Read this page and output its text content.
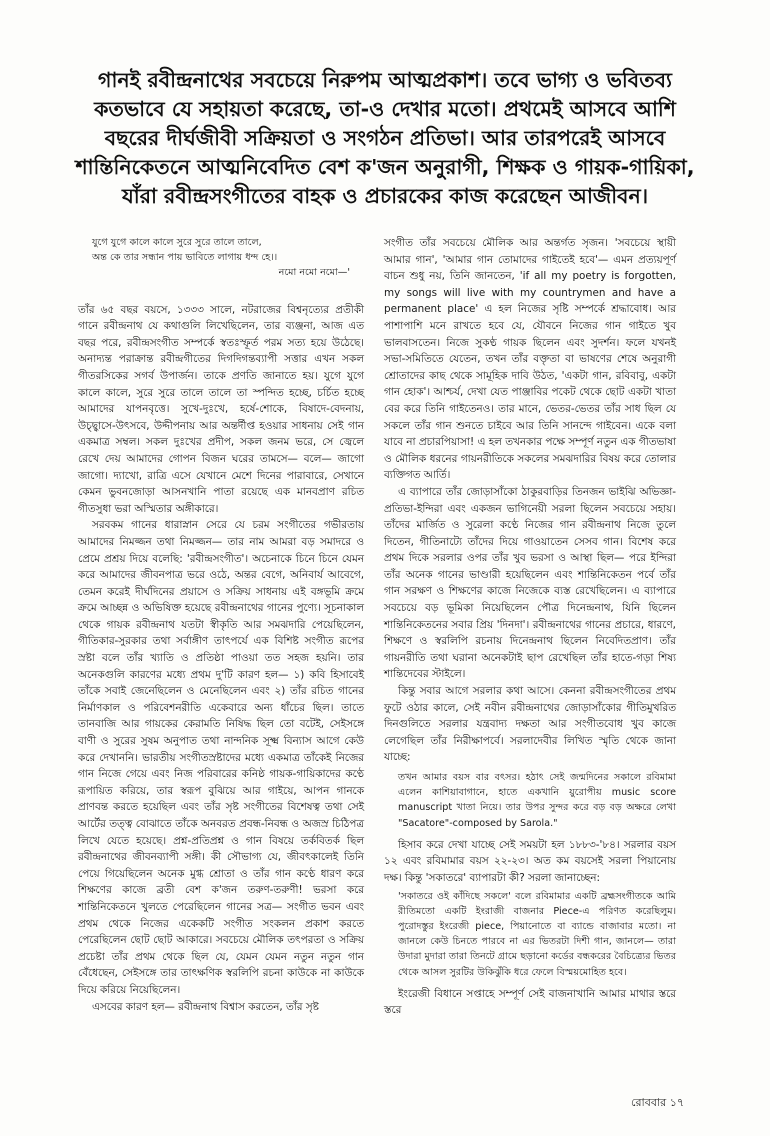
গানই রবীন্দ্রনাথের সবচেয়ে নিরুপম আত্মপ্রকাশ। তবে ভাগ্য ও ভবিতব্য

কতভাবে যে সহায়তা করেছে, তা-ও দেখার মতো। প্রথমেই আসবে আশি

বছরের দীর্ঘজীবী সক্রিয়তা ও সংগঠন প্রতিভা। আর তারপরেই আসবে

শান্তিনিকেতনে আত্মনিবেদিত বেশ ক'জন অনুরাগী, শিক্ষক ও গায়ক-গায়িকা,

যাঁরা রবীন্দ্রসংগীতের বাহক ও প্রচারকের কাজ করেছেন আজীবন।

যুগে যুগে কালে কালে সুরে সুরে তালে তালে,

অন্ত কে তার সন্ধান পায় ভাবিতে লাগায় ধন্দ হে।।

নমো নমো নমো—'

তাঁর ৬৫ বছর বয়সে, ১৩৩৩ সালে, নটরাজের বিশ্বনৃত্যের প্রতীকী গানে রবীন্দ্রনাথ যে কথাগুলি লিখেছিলেন, তার ব্যঞ্জনা, আজ এত বছর পরে, রবীন্দ্রসংগীত সম্পর্কে স্বতঃস্ফূর্ত পরম সত্য হয়ে উঠেছে। অনাদ্যন্ত পরাক্রান্ত রবীন্দ্রগীতের দিগদিগন্তব্যাপী সত্তার এখন সকল গীতরসিকের সগর্ব উপার্জন। তাকে প্রণতি জানাতে হয়। যুগে যুগে কালে কালে, সুরে সুরে তালে তালে তা স্পন্দিত হচ্ছে, চর্চিত হচ্ছে আমাদের যাপনবৃত্তে। সুখে-দুঃখে, হর্ষে-শোকে, বিষাদে-বেদনায়, উচ্ছ্বাসে-উৎসবে, উদ্দীপনায় আর অন্তর্দীপ্ত হওয়ার সাধনায় সেই গান একমাত্র সম্বল। সকল দুঃখের প্রদীপ, সকল জনম ভরে, সে জ্বেলে রেখে দেয় আমাদের গোপন বিজন ঘরের তামসে— বলে— জাগো জাগো। দ্যাখো, রাত্রি এসে যেখানে মেশে দিনের পারাবারে, সেখানে কেমন ভুবনজোড়া আসনখানি পাতা রয়েছে এক মানবপ্রাণ রচিত গীতসুধা ভরা অস্মিতার অঙ্গীকারে।

সরবকম গানের ধারাস্নান সেরে যে চরম সংগীতের গভীরতায় আমাদের নিমজ্জন তথা নিমজ্জন— তার নাম আমরা বড় সমাদরে ও প্রেমে প্রশ্রয় দিয়ে বলেছি: 'রবীন্দ্রসংগীত'। অচেনাকে চিনে চিনে যেমন করে আমাদের জীবনপাত্র ভরে ওঠে, অন্তর বেগে, অনিবার্য আবেগে, তেমন করেই দীর্ঘদিনের প্রয়াসে ও সক্রিয় সাধনায় এই বঙ্গভূমি ক্রমে ক্রমে আচ্ছন্ন ও অভিষিক্ত হয়েছে রবীন্দ্রনাথের গানের পুণ্যে। সূচনাকাল থেকে গায়ক রবীন্দ্রনাথ যতটা স্বীকৃতি আর সমঝদারি পেয়েছিলেন, গীতিকার-সুরকার তথা সর্বাঙ্গীণ তাৎপর্যে এক বিশিষ্ট সংগীত রূপের স্রষ্টা বলে তাঁর খ্যাতি ও প্রতিষ্ঠা পাওয়া তত সহজ হয়নি। তার অনেকগুলি কারণের মধ্যে প্রথম দু'টি কারণ হল— ১) কবি হিসাবেই তাঁকে সবাই জেনেছিলেন ও মেনেছিলেন এবং ২) তাঁর রচিত গানের নির্মাণকাল ও পরিবেশনরীতি একেবারে অন্য ধাঁচের ছিল। তাতে তানবাজি আর গায়কের কেরামতি নিষিদ্ধ ছিল তো বটেই, সেইসঙ্গে বাণী ও সুরের সুষম অনুপাত তথা নান্দনিক সূক্ষ্ম বিন্যাস আগে কেউ করে দেখাননি। ভারতীয় সংগীতস্রষ্টাদের মধ্যে একমাত্র তাঁকেই নিজের গান নিজে গেয়ে এবং নিজ পরিবারের কনিষ্ঠ গায়ক-গায়িকাদের কণ্ঠে রূপায়িত করিয়ে, তার স্বরূপ বুঝিয়ে আর গাইয়ে, আপন গানকে প্রাণবন্ত করতে হয়েছিল এবং তাঁর সৃষ্ট সংগীতের বিশেষত্ব তথা সেই আর্টের তত্ত্ব বোঝাতে তাঁকে অনবরত প্রবন্ধ-নিবন্ধ ও অজস্র চিঠিপত্র লিখে যেতে হয়েছে। প্রশ্ন-প্রতিপ্রশ্ন ও গান বিষয়ে তর্কবিতর্ক ছিল রবীন্দ্রনাথের জীবনব্যাপী সঙ্গী। কী সৌভাগ্য যে, জীবৎকালেই তিনি পেয়ে গিয়েছিলেন অনেক মুগ্ধ শ্রোতা ও তাঁর গান কণ্ঠে ধারণ করে শিক্ষণের কাজে ব্রতী বেশ ক'জন তরুণ-তরুণী! ভরসা করে শান্তিনিকেতনে খুলতে পেরেছিলেন গানের সত্র— সংগীত ভবন এবং প্রথম থেকে নিজের একেকটি সংগীত সংকলন প্রকাশ করতে পেরেছিলেন ছোট ছোট আকারে। সবচেয়ে মৌলিক তৎপরতা ও সক্রিয় প্রচেষ্টা তাঁর প্রথম থেকে ছিল যে, যেমন যেমন নতুন নতুন গান বেঁধেছেন, সেইসঙ্গে তার তাৎক্ষণিক স্বরলিপি রচনা কাউকে না কাউকে দিয়ে করিয়ে নিয়েছিলেন।

এসবের কারণ হল— রবীন্দ্রনাথ বিশ্বাস করতেন, তাঁর সৃষ্ট

সংগীত তাঁর সবচেয়ে মৌলিক আর অন্তর্গত সৃজন। 'সবচেয়ে স্থায়ী আমার গান', 'আমার গান তোমাদের গাইতেই হবে'— এমন প্রত্যয়পূর্ণ বাচন শুধু নয়, তিনি জানতেন, 'if all my poetry is forgotten, my songs will live with my countrymen and have a permanent place' এ হল নিজের সৃষ্টি সম্পর্কে শ্রদ্ধাবোধ। আর পাশাপাশি মনে রাখতে হবে যে, যৌবনে নিজের গান গাইতে খুব ভালবাসতেন। নিজে সুকণ্ঠ গায়ক ছিলেন এবং সুদর্শন। ফলে যখনই সভা-সমিতিতে যেতেন, তখন তাঁর বক্তৃতা বা ভাষণের শেষে অনুরাগী শ্রোতাদের কাছ থেকে সামূহিক দাবি উঠত, 'একটা গান, রবিবাবু, একটা গান হোক'। আশ্চর্য, দেখা যেত পাঞ্জাবির পকেট থেকে ছোট একটা খাতা বের করে তিনি গাইতেনও। তার মানে, ভেতর-ভেতর তাঁর সাধ ছিল যে সকলে তাঁর গান শুনতে চাইবে আর তিনি সানন্দে গাইবেন। একে বলা যাবে না প্রচারপিয়াসা! এ হল তখনকার পক্ষে সম্পূর্ণ নতুন এক গীতভাষা ও মৌলিক ধরনের গায়নরীতিকে সকলের সমঝদারির বিষয় করে তোলার ব্যক্তিগত আর্তি।

এ ব্যাপারে তাঁর জোড়াসাঁকো ঠাকুরবাড়ির তিনজন ভাইঝি অভিজ্ঞা-প্রতিভা-ইন্দিরা এবং একজন ভাগিনেয়ী সরলা ছিলেন সবচেয়ে সহায়। তাঁদের মার্জিত ও সুরেলা কণ্ঠে নিজের গান রবীন্দ্রনাথ নিজে তুলে দিতেন, গীতিনাট্যে তাঁদের দিয়ে গাওয়াতেন সেসব গান। বিশেষ করে প্রথম দিকে সরলার ওপর তাঁর খুব ভরসা ও আস্থা ছিল— পরে ইন্দিরা তাঁর অনেক গানের ভাণ্ডারী হয়েছিলেন এবং শান্তিনিকেতন পর্বে তাঁর গান সরক্ষণ ও শিক্ষণের কাজে নিজেকে ব্যস্ত রেখেছিলেন। এ ব্যাপারে সবচেয়ে বড় ভূমিকা নিয়েছিলেন পৌত্র দিনেন্দ্রনাথ, যিনি ছিলেন শান্তিনিকেতনের সবার প্রিয় 'দিনদা'। রবীন্দ্রনাথের গানের প্রচারে, ধারণে, শিক্ষণে ও স্বরলিপি রচনায় দিনেন্দ্রনাথ ছিলেন নিবেদিতপ্রাণ। তাঁর গায়নরীতি তথা ঘরানা অনেকটাই ছাপ রেখেছিল তাঁর হাতে-গড়া শিষ্য শান্তিদেবের স্টাইলে।

কিন্তু সবার আগে সরলার কথা আসে। কেননা রবীন্দ্রসংগীতের প্রথম ফুটে ওঠার কালে, সেই নবীন রবীন্দ্রনাথের জোড়াসাঁকোর গীতিমুখরিত দিনগুলিতে সরলার যন্ত্রবাদ্য দক্ষতা আর সংগীতবোধ খুব কাজে লেগেছিল তাঁর নিরীক্ষাপর্বে। সরলাদেবীর লিখিত স্মৃতি থেকে জানা যাচ্ছে:

তখন আমার বয়স বার বৎসর। হঠাৎ সেই জন্মদিনের সকালে রবিমামা এলেন কাশিয়াবাগানে, হাতে একখানি য়ুরোপীয় music score manuscript খাতা নিয়ে। তার উপর সুন্দর করে বড় বড় অক্ষরে লেখা "Sacatore"-composed by Sarola."

হিসাব করে দেখা যাচ্ছে সেই সময়টা হল ১৮৮৩-'৮৪। সরলার বয়স ১২ এবং রবিমামার বয়স ২২-২৩। অত কম বয়সেই সরলা পিয়ানোয় দক্ষ। কিন্তু 'সকাতরে' ব্যাপারটা কী? সরলা জানাচ্ছেন:

'সকাতরে ওই কাঁদিছে সকলে' বলে রবিমামার একটি ব্রহ্মসংগীতকে আমি রীতিমতো একটি ইংরাজী বাজনার Piece-এ পরিণত করেছিলুম। পুরোদস্তুর ইংরেজী piece, পিয়ানোতে বা ব্যান্ডে বাজাবার মতো। না জানলে কেউ চিনতে পারবে না এর ভিতরটা দিশী গান, জানলে— তারা উদারা মুদারা তারা তিনটে গ্রামে ছড়ানো কর্ডের বন্ধকরের বৈচিত্র্যের ভিতর থেকে আসল সুরটির উকিঝুঁকি ধরে ফেলে বিস্ময়মোহিত হবে।

ইংরেজী বিধানে সপ্তাহে সম্পূর্ণ সেই বাজনাখানি আমার মাথার স্তরে স্তরে

রোববার ১৭
